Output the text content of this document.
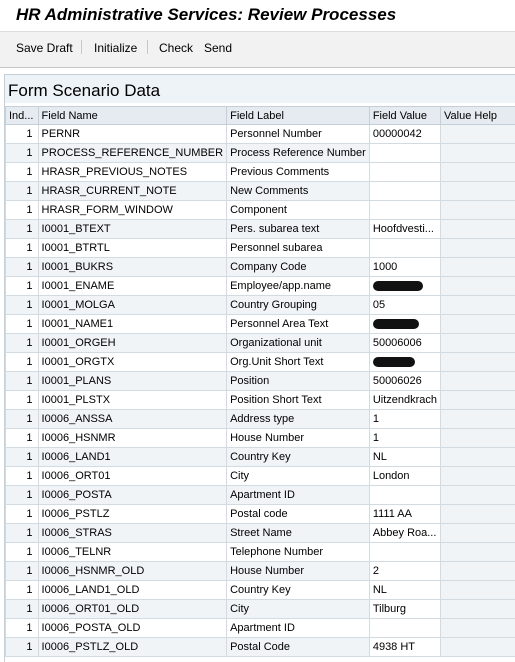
HR Administrative Services: Review Processes
Save Draft Initialize Check Send
Form Scenario Data
Ind...	Field Name	Field Label	Field Value	Value Help
1	PERNR	Personnel Number	00000042	
1	PROCESS_REFERENCE_NUMBER	Process Reference Number		
1	HRASR_PREVIOUS_NOTES	Previous Comments		
1	HRASR_CURRENT_NOTE	New Comments		
1	HRASR_FORM_WINDOW	Component		
1	I0001_BTEXT	Pers. subarea text	Hoofdvesti...	
1	I0001_BTRTL	Personnel subarea		
1	I0001_BUKRS	Company Code	1000	
1	I0001_ENAME	Employee/app.name		
1	I0001_MOLGA	Country Grouping	05	
1	I0001_NAME1	Personnel Area Text		
1	I0001_ORGEH	Organizational unit	50006006	
1	I0001_ORGTX	Org.Unit Short Text		
1	I0001_PLANS	Position	50006026	
1	I0001_PLSTX	Position Short Text	Uitzendkrach	
1	I0006_ANSSA	Address type	1	
1	I0006_HSNMR	House Number	1	
1	I0006_LAND1	Country Key	NL	
1	I0006_ORT01	City	London	
1	I0006_POSTA	Apartment ID		
1	I0006_PSTLZ	Postal code	1111 AA	
1	I0006_STRAS	Street Name	Abbey Roa...	
1	I0006_TELNR	Telephone Number		
1	I0006_HSNMR_OLD	House Number	2	
1	I0006_LAND1_OLD	Country Key	NL	
1	I0006_ORT01_OLD	City	Tilburg	
1	I0006_POSTA_OLD	Apartment ID		
1	I0006_PSTLZ_OLD	Postal Code	4938 HT	
